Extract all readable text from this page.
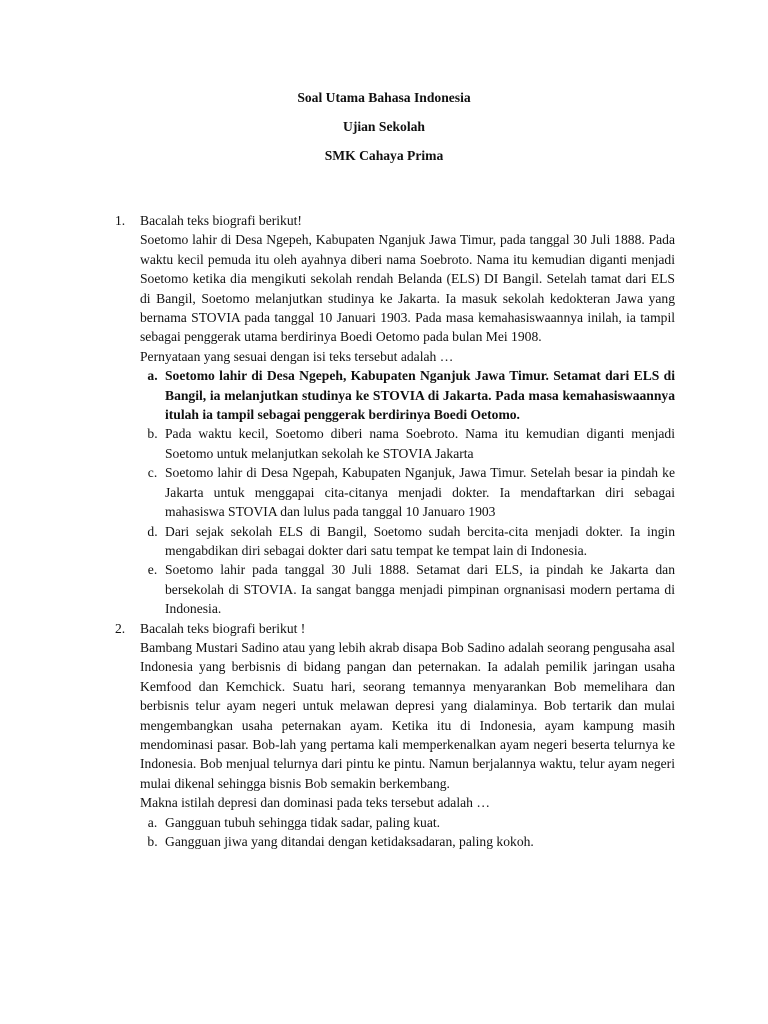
Soal Utama Bahasa Indonesia
Ujian Sekolah
SMK Cahaya Prima
1.	Bacalah teks biografi berikut!
Soetomo lahir di Desa Ngepeh, Kabupaten Nganjuk Jawa Timur, pada tanggal 30 Juli 1888. Pada waktu kecil pemuda itu oleh ayahnya diberi nama Soebroto. Nama itu kemudian diganti menjadi Soetomo ketika dia mengikuti sekolah rendah Belanda (ELS) DI Bangil. Setelah tamat dari ELS di Bangil, Soetomo melanjutkan studinya ke Jakarta. Ia masuk sekolah kedokteran Jawa yang bernama STOVIA pada tanggal 10 Januari 1903. Pada masa kemahasiswaannya inilah, ia tampil sebagai penggerak utama berdirinya Boedi Oetomo pada bulan Mei 1908.
Pernyataan yang sesuai dengan isi teks tersebut adalah …
a. Soetomo lahir di Desa Ngepeh, Kabupaten Nganjuk Jawa Timur. Setamat dari ELS di Bangil, ia melanjutkan studinya ke STOVIA di Jakarta. Pada masa kemahasiswaannya itulah ia tampil sebagai penggerak berdirinya Boedi Oetomo.
b. Pada waktu kecil, Soetomo diberi nama Soebroto. Nama itu kemudian diganti menjadi Soetomo untuk melanjutkan sekolah ke STOVIA Jakarta
c. Soetomo lahir di Desa Ngepah, Kabupaten Nganjuk, Jawa Timur. Setelah besar ia pindah ke Jakarta untuk menggapai cita-citanya menjadi dokter. Ia mendaftarkan diri sebagai mahasiswa STOVIA dan lulus pada tanggal 10 Januaro 1903
d. Dari sejak sekolah ELS di Bangil, Soetomo sudah bercita-cita menjadi dokter. Ia ingin mengabdikan diri sebagai dokter dari satu tempat ke tempat lain di Indonesia.
e. Soetomo lahir pada tanggal 30 Juli 1888. Setamat dari ELS, ia pindah ke Jakarta dan bersekolah di STOVIA. Ia sangat bangga menjadi pimpinan orgnanisasi modern pertama di Indonesia.
2.	Bacalah teks biografi berikut !
Bambang Mustari Sadino atau yang lebih akrab disapa Bob Sadino adalah seorang pengusaha asal Indonesia yang berbisnis di bidang pangan dan peternakan. Ia adalah pemilik jaringan usaha Kemfood dan Kemchick. Suatu hari, seorang temannya menyarankan Bob memelihara dan berbisnis telur ayam negeri untuk melawan depresi yang dialaminya. Bob tertarik dan mulai mengembangkan usaha peternakan ayam. Ketika itu di Indonesia, ayam kampung masih mendominasi pasar. Bob-lah yang pertama kali memperkenalkan ayam negeri beserta telurnya ke Indonesia. Bob menjual telurnya dari pintu ke pintu. Namun berjalannya waktu, telur ayam negeri mulai dikenal sehingga bisnis Bob semakin berkembang.
Makna istilah depresi dan dominasi pada teks tersebut adalah …
a. Gangguan tubuh sehingga tidak sadar, paling kuat.
b. Gangguan jiwa yang ditandai dengan ketidaksadaran, paling kokoh.
